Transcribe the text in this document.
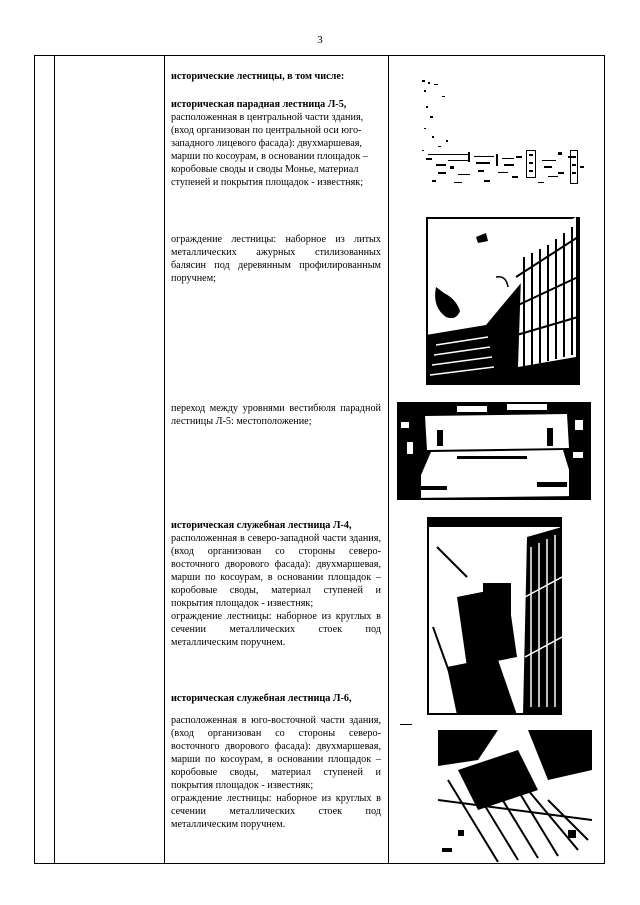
3

исторические лестницы, в том числе:

историческая парадная лестница Л-5,

расположенная в центральной части здания, (вход организован по центральной оси юго-западного лицевого фасада): двухмаршевая, марши по косоурам, в основании площадок – коробовые своды и своды Монье, материал ступеней и покрытия площадок - известняк;

ограждение лестницы: наборное из литых металлических ажурных стилизованных балясин под деревянным профилированным поручнем;

переход между уровнями вестибюля парадной лестницы Л-5: местоположение;

историческая служебная лестница Л-4,

расположенная в северо-западной части здания, (вход организован со стороны северо-восточного дворового фасада): двухмаршевая, марши по косоурам, в основании площадок – коробовые своды, материал ступеней и покрытия площадок - известняк;

ограждение лестницы: наборное из круглых в сечении металлических стоек под металлическим поручнем.

историческая служебная лестница Л-6,

расположенная в юго-восточной части здания, (вход организован со стороны северо-восточного дворового фасада): двухмаршевая, марши по косоурам, в основании площадок – коробовые своды, материал ступеней и покрытия площадок - известняк;

ограждение лестницы: наборное из круглых в сечении металлических стоек под металлическим поручнем.
